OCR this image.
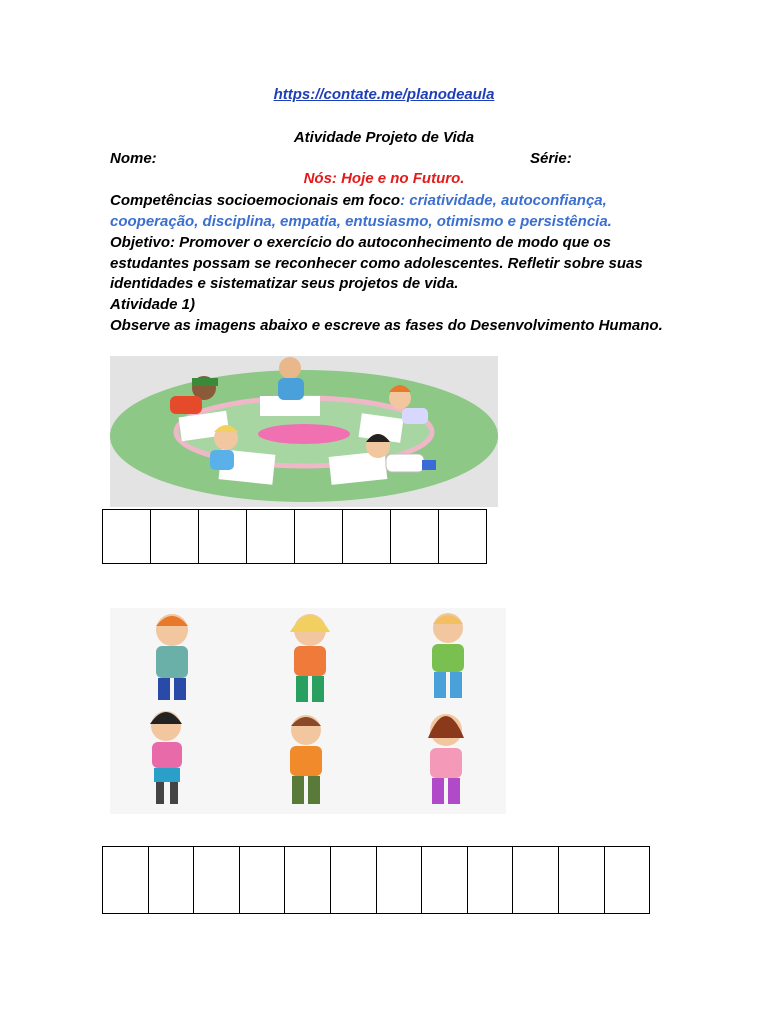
https://contate.me/planodeaula
Atividade Projeto de Vida
Nome:	Série:
Nós: Hoje e no Futuro.
Competências socioemocionais em foco: criatividade, autoconfiança, cooperação, disciplina, empatia, entusiasmo, otimismo e persistência.
Objetivo: Promover o exercício do autoconhecimento de modo que os estudantes possam se reconhecer como adolescentes. Refletir sobre suas identidades e sistematizar seus projetos de vida.
Atividade 1)
Observe as imagens abaixo e escreve as fases do Desenvolvimento Humano.
